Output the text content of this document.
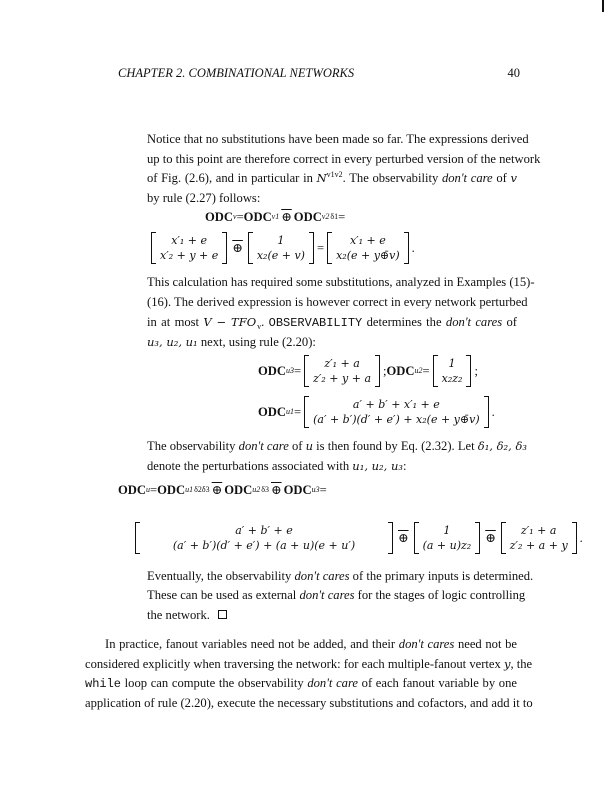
CHAPTER 2. COMBINATIONAL NETWORKS	40
Notice that no substitutions have been made so far. The expressions derived
up to this point are therefore correct in every perturbed version of the network
of Fig. (2.6), and in particular in $N^{v1v2}$. The observability don't care of v
by rule (2.27) follows:
This calculation has required some substitutions, analyzed in Examples (15)-
(16). The derived expression is however correct in every network perturbed
in at most $V - TFO_v$. OBSERVABILITY determines the don't cares of
u₃, u₂, u₁ next, using rule (2.20):
The observability don't care of u is then found by Eq. (2.32). Let δ₁, δ₂, δ₃
denote the perturbations associated with u₁, u₂, u₃:
Eventually, the observability don't cares of the primary inputs is determined.
These can be used as external don't cares for the stages of logic controlling
the network.
In practice, fanout variables need not be added, and their don't cares need not be
considered explicitly when traversing the network: for each multiple-fanout vertex y, the
while loop can compute the observability don't care of each fanout variable by one
application of rule (2.20), execute the necessary substitutions and cofactors, and add it to
ODC v = ODC v1 ⊕ ODC v2 δ1 =
x′₁ + e
x′₂ + y + e
⊕
1
x₂(e + v)
=
x′₁ + e
x₂(e + y⊕̄v)
.
ODC u3 =
z′₁ + a
z′₂ + y + a
; ODC u2 =
1
x₂z₂
;
ODC u1 =
a′ + b′ + x′₁ + e
(a′ + b′)(d′ + e′) + x₂(e + y⊕̄v)
.
ODC u = ODC u1 δ2δ3 ⊕ ODC u2 δ3 ⊕ ODC u3 =
a′ + b′ + e
(a′ + b′)(d′ + e′) + (a + u)(e + u′)
⊕
1
(a + u)z₂
⊕
z′₁ + a
z′₂ + a + y
.
